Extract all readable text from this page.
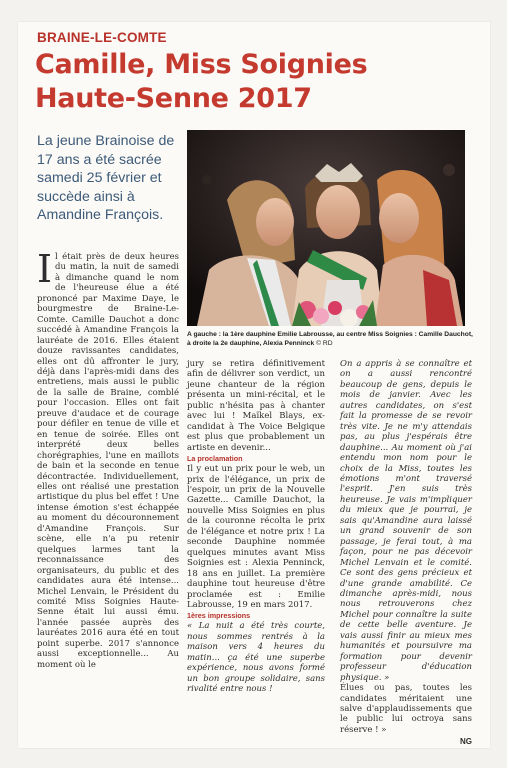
BRAINE-LE-COMTE
Camille, Miss Soignies Haute-Senne 2017
La jeune Brainoise de 17 ans a été sacrée samedi 25 février et succède ainsi à Amandine François.
A gauche : la 1ère dauphine Emilie Labrousse, au centre Miss Soignies : Camille Dauchot, à droite la 2e dauphine, Alexia Penninck © RD
I l était près de deux heures du matin, la nuit de samedi à dimanche quand le nom de l'heureuse élue a été prononcé par Maxime Daye, le bourgmestre de Braine-Le-Comte. Camille Dauchot a donc succédé à Amandine François la lauréate de 2016. Elles étaient douze ravissantes candidates, elles ont dû affronter le jury, déjà dans l'après-midi dans des entretiens, mais aussi le public de la salle de Braine, comblé pour l'occasion. Elles ont fait preuve d'audace et de courage pour défiler en tenue de ville et en tenue de soirée. Elles ont interprété deux belles chorégraphies, l'une en maillots de bain et la seconde en tenue décontractée. Individuellement, elles ont réalisé une prestation artistique du plus bel effet ! Une intense émotion s'est échappée au moment du découronnement d'Amandine François. Sur scène, elle n'a pu retenir quelques larmes tant la reconnaissance des organisateurs, du public et des candidates aura été intense... Michel Lenvain, le Président du comité Miss Soignies Haute-Senne était lui aussi ému. l'année passée auprès des lauréates 2016 aura été en tout point superbe. 2017 s'annonce aussi exceptionnelle... Au moment où le

jury se retira définitivement afin de délivrer son verdict, un jeune chanteur de la région présenta un mini-récital, et le public n'hésita pas à chanter avec lui ! Maïkel Blays, ex-candidat à The Voice Belgique est plus que probablement un artiste en devenir...

La proclamation

Il y eut un prix pour le web, un prix de l'élégance, un prix de l'espoir, un prix de la Nouvelle Gazette... Camille Dauchot, la nouvelle Miss Soignies en plus de la couronne récolta le prix de l'élégance et notre prix ! La seconde Dauphine nommée quelques minutes avant Miss Soignies est : Alexia Penninck, 18 ans en juillet. La première dauphine tout heureuse d'être proclamée est : Emilie Labrousse, 19 en mars 2017.

1ères impressions

« La nuit a été très courte, nous sommes rentrés à la maison vers 4 heures du matin... ça été une superbe expérience, nous avons formé un bon groupe solidaire, sans rivalité entre nous !

On a appris à se connaître et on a aussi rencontré beaucoup de gens, depuis le mois de janvier. Avec les autres candidates, on s'est fait la promesse de se revoir très vite. Je ne m'y attendais pas, au plus j'espérais être dauphine... Au moment où j'ai entendu mon nom pour le choix de la Miss, toutes les émotions m'ont traversé l'esprit. J'en suis très heureuse. Je vais m'impliquer du mieux que je pourrai, je sais qu'Amandine aura laissé un grand souvenir de son passage, je ferai tout, à ma façon, pour ne pas décevoir Michel Lenvain et le comité. Ce sont des gens précieux et d'une grande amabilité. Ce dimanche après-midi, nous nous retrouverons chez Michel pour connaître la suite de cette belle aventure. Je vais aussi finir au mieux mes humanités et poursuivre ma formation pour devenir professeur d'éducation physique. »

Élues ou pas, toutes les candidates méritaient une salve d'applaudissements que le public lui octroya sans réserve ! »

NG
